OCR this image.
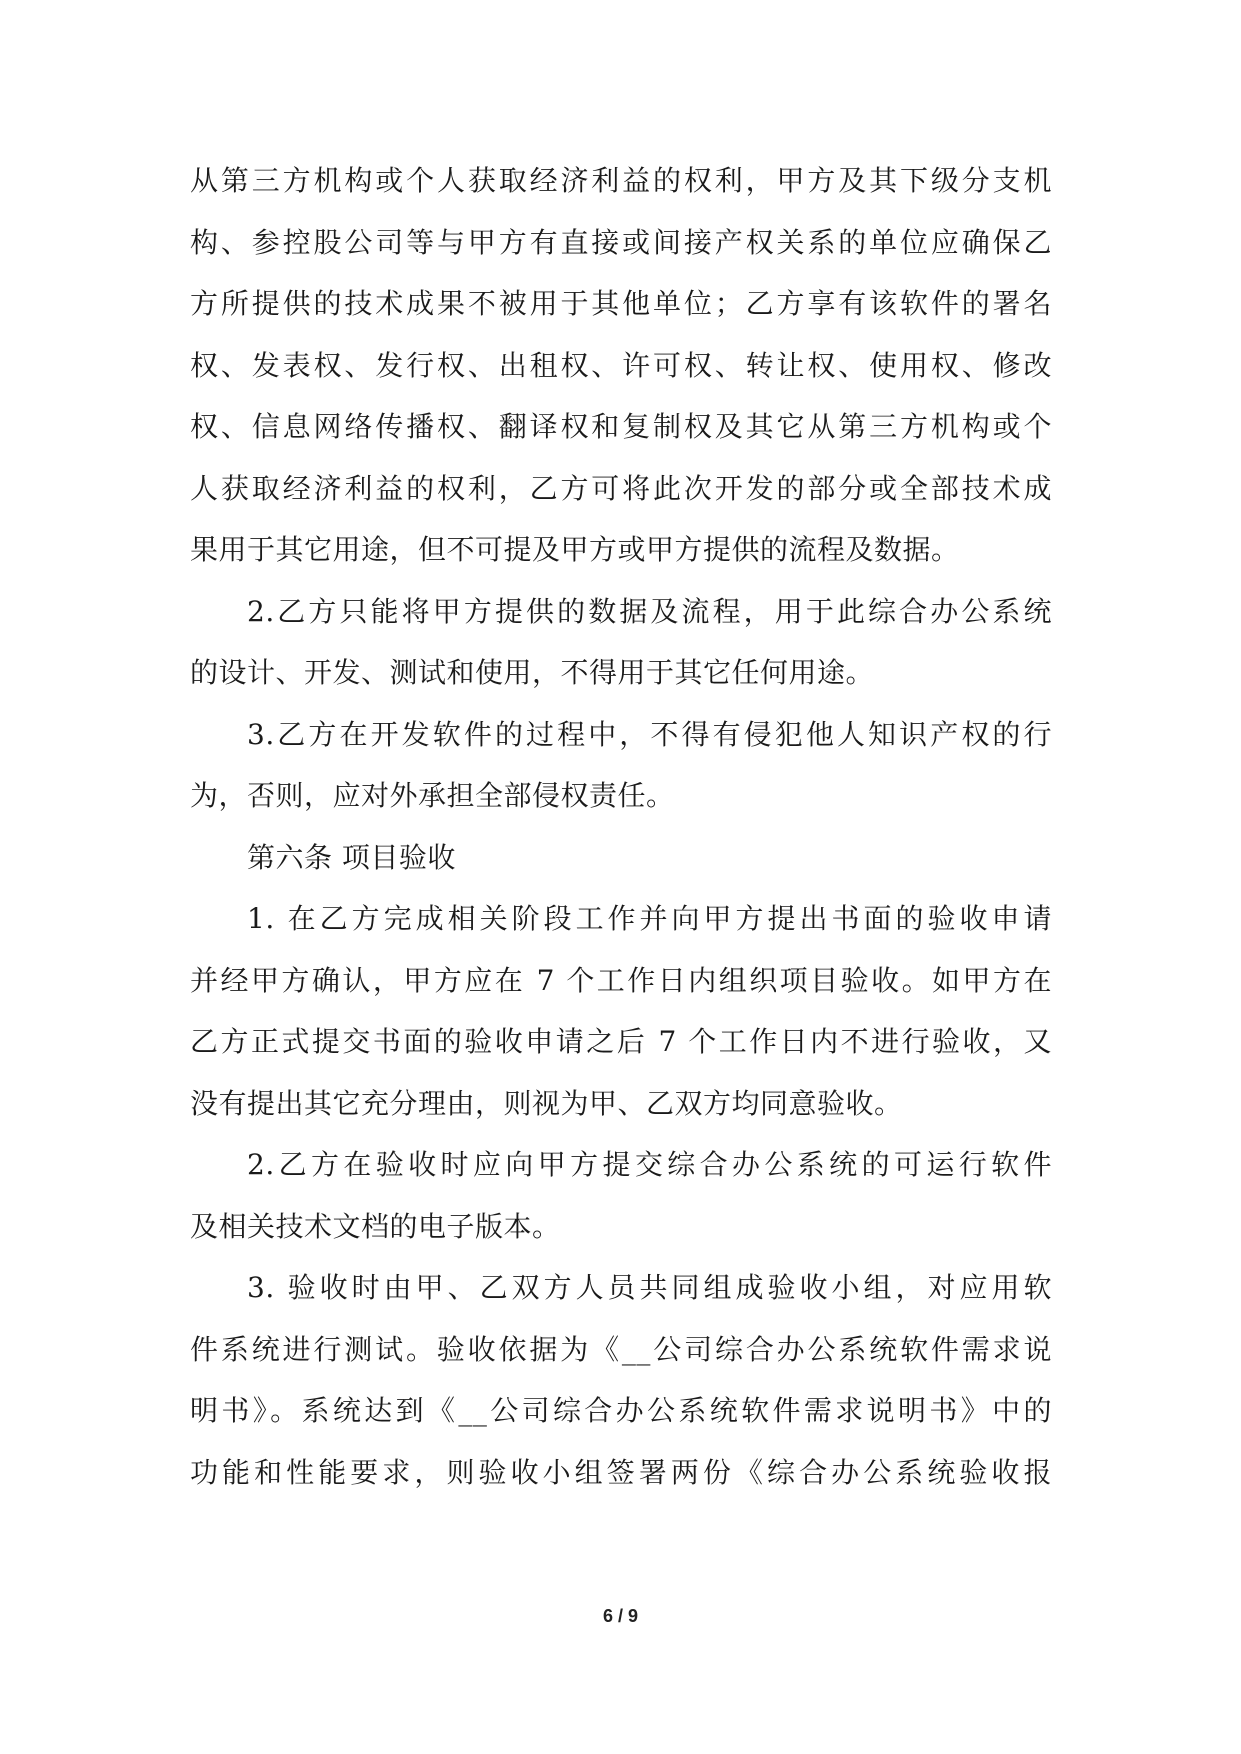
从第三方机构或个人获取经济利益的权利，甲方及其下级分支机
构、参控股公司等与甲方有直接或间接产权关系的单位应确保乙
方所提供的技术成果不被用于其他单位；乙方享有该软件的署名
权、发表权、发行权、出租权、许可权、转让权、使用权、修改
权、信息网络传播权、翻译权和复制权及其它从第三方机构或个
人获取经济利益的权利，乙方可将此次开发的部分或全部技术成
果用于其它用途，但不可提及甲方或甲方提供的流程及数据。
2.乙方只能将甲方提供的数据及流程，用于此综合办公系统
的设计、开发、测试和使用，不得用于其它任何用途。
3.乙方在开发软件的过程中，不得有侵犯他人知识产权的行
为，否则，应对外承担全部侵权责任。
第六条 项目验收
1. 在乙方完成相关阶段工作并向甲方提出书面的验收申请
并经甲方确认，甲方应在 7 个工作日内组织项目验收。如甲方在
乙方正式提交书面的验收申请之后 7 个工作日内不进行验收，又
没有提出其它充分理由，则视为甲、乙双方均同意验收。
2.乙方在验收时应向甲方提交综合办公系统的可运行软件
及相关技术文档的电子版本。
3. 验收时由甲、乙双方人员共同组成验收小组，对应用软
件系统进行测试。验收依据为《__公司综合办公系统软件需求说
明书》。系统达到《__公司综合办公系统软件需求说明书》中的
功能和性能要求，则验收小组签署两份《综合办公系统验收报
6 / 9
